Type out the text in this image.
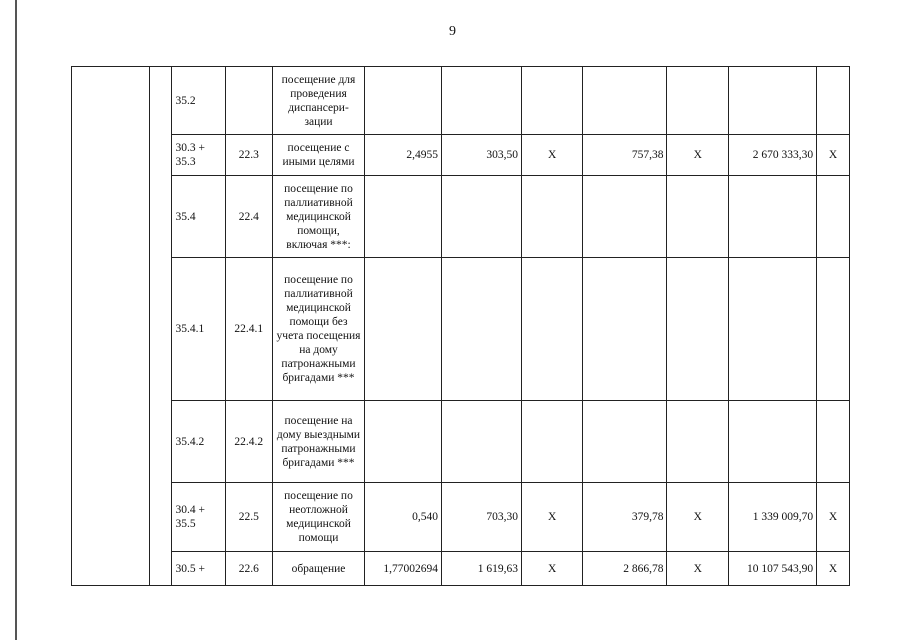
9
		35.2		посещение для проведения диспансери-зации							
		30.3 + 35.3	22.3	посещение с иными целями	2,4955	303,50	X	757,38	X	2 670 333,30	X
		35.4	22.4	посещение по паллиативной медицинской помощи, включая ***:							
		35.4.1	22.4.1	посещение по паллиативной медицинской помощи без учета посещения на дому патронажными бригадами ***							
		35.4.2	22.4.2	посещение на дому выездными патронажными бригадами ***							
		30.4 + 35.5	22.5	посещение по неотложной медицинской помощи	0,540	703,30	X	379,78	X	1 339 009,70	X
		30.5 +	22.6	обращение	1,77002694	1 619,63	X	2 866,78	X	10 107 543,90	X
